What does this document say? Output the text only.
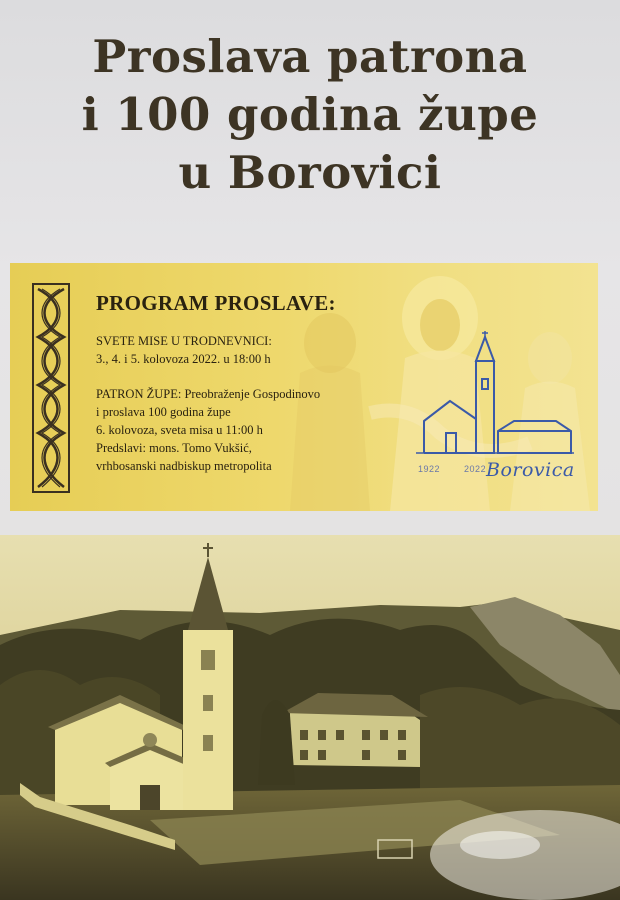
Proslava patrona
i 100 godina župe
u Borovici
PROGRAM PROSLAVE:
SVETE MISE U TRODNEVNICI:
3., 4. i 5. kolovoza 2022. u 18:00 h
PATRON ŽUPE: Preobraženje Gospodinovo
i proslava 100 godina župe
6. kolovoza, sveta misa u 11:00 h
Predslavi: mons. Tomo Vukšić,
vrhbosanski nadbiskup metropolita	1922	2022 Borovica
